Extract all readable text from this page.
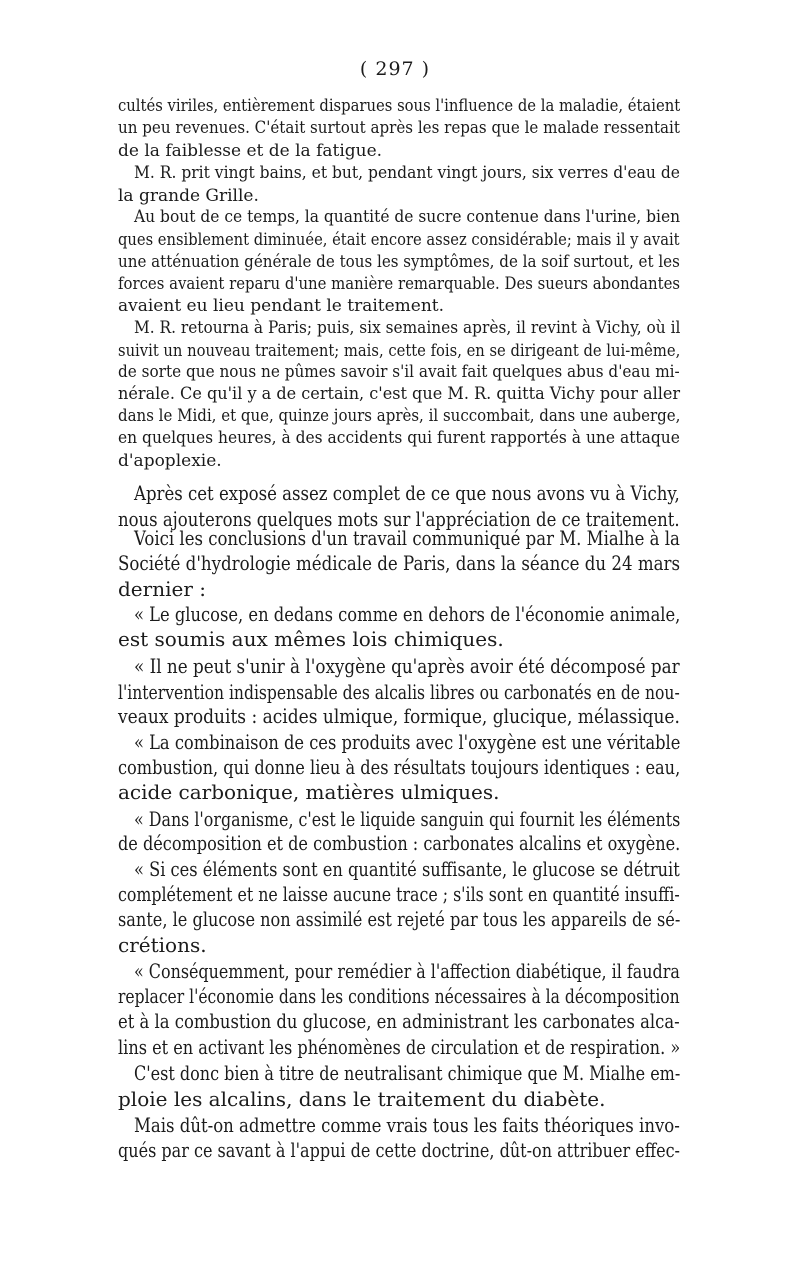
( 297 )
cultés viriles, entièrement disparues sous l'influence de la maladie, étaient
un peu revenues. C'était surtout après les repas que le malade ressentait
de la faiblesse et de la fatigue.
M. R. prit vingt bains, et but, pendant vingt jours, six verres d'eau de
la grande Grille.
Au bout de ce temps, la quantité de sucre contenue dans l'urine, bien
ques ensiblement diminuée, était encore assez considérable; mais il y avait
une atténuation générale de tous les symptômes, de la soif surtout, et les
forces avaient reparu d'une manière remarquable. Des sueurs abondantes
avaient eu lieu pendant le traitement.
M. R. retourna à Paris; puis, six semaines après, il revint à Vichy, où il
suivit un nouveau traitement; mais, cette fois, en se dirigeant de lui-même,
de sorte que nous ne pûmes savoir s'il avait fait quelques abus d'eau mi-
nérale. Ce qu'il y a de certain, c'est que M. R. quitta Vichy pour aller
dans le Midi, et que, quinze jours après, il succombait, dans une auberge,
en quelques heures, à des accidents qui furent rapportés à une attaque
d'apoplexie.
Après cet exposé assez complet de ce que nous avons vu à Vichy,
nous ajouterons quelques mots sur l'appréciation de ce traitement.
Voici les conclusions d'un travail communiqué par M. Mialhe à la
Société d'hydrologie médicale de Paris, dans la séance du 24 mars
dernier :
« Le glucose, en dedans comme en dehors de l'économie animale,
est soumis aux mêmes lois chimiques.
« Il ne peut s'unir à l'oxygène qu'après avoir été décomposé par
l'intervention indispensable des alcalis libres ou carbonatés en de nou-
veaux produits : acides ulmique, formique, glucique, mélassique.
« La combinaison de ces produits avec l'oxygène est une véritable
combustion, qui donne lieu à des résultats toujours identiques : eau,
acide carbonique, matières ulmiques.
« Dans l'organisme, c'est le liquide sanguin qui fournit les éléments
de décomposition et de combustion : carbonates alcalins et oxygène.
« Si ces éléments sont en quantité suffisante, le glucose se détruit
complétement et ne laisse aucune trace ; s'ils sont en quantité insuffi-
sante, le glucose non assimilé est rejeté par tous les appareils de sé-
crétions.
« Conséquemment, pour remédier à l'affection diabétique, il faudra
replacer l'économie dans les conditions nécessaires à la décomposition
et à la combustion du glucose, en administrant les carbonates alca-
lins et en activant les phénomènes de circulation et de respiration. »
C'est donc bien à titre de neutralisant chimique que M. Mialhe em-
ploie les alcalins, dans le traitement du diabète.
Mais dût-on admettre comme vrais tous les faits théoriques invo-
qués par ce savant à l'appui de cette doctrine, dût-on attribuer effec-
